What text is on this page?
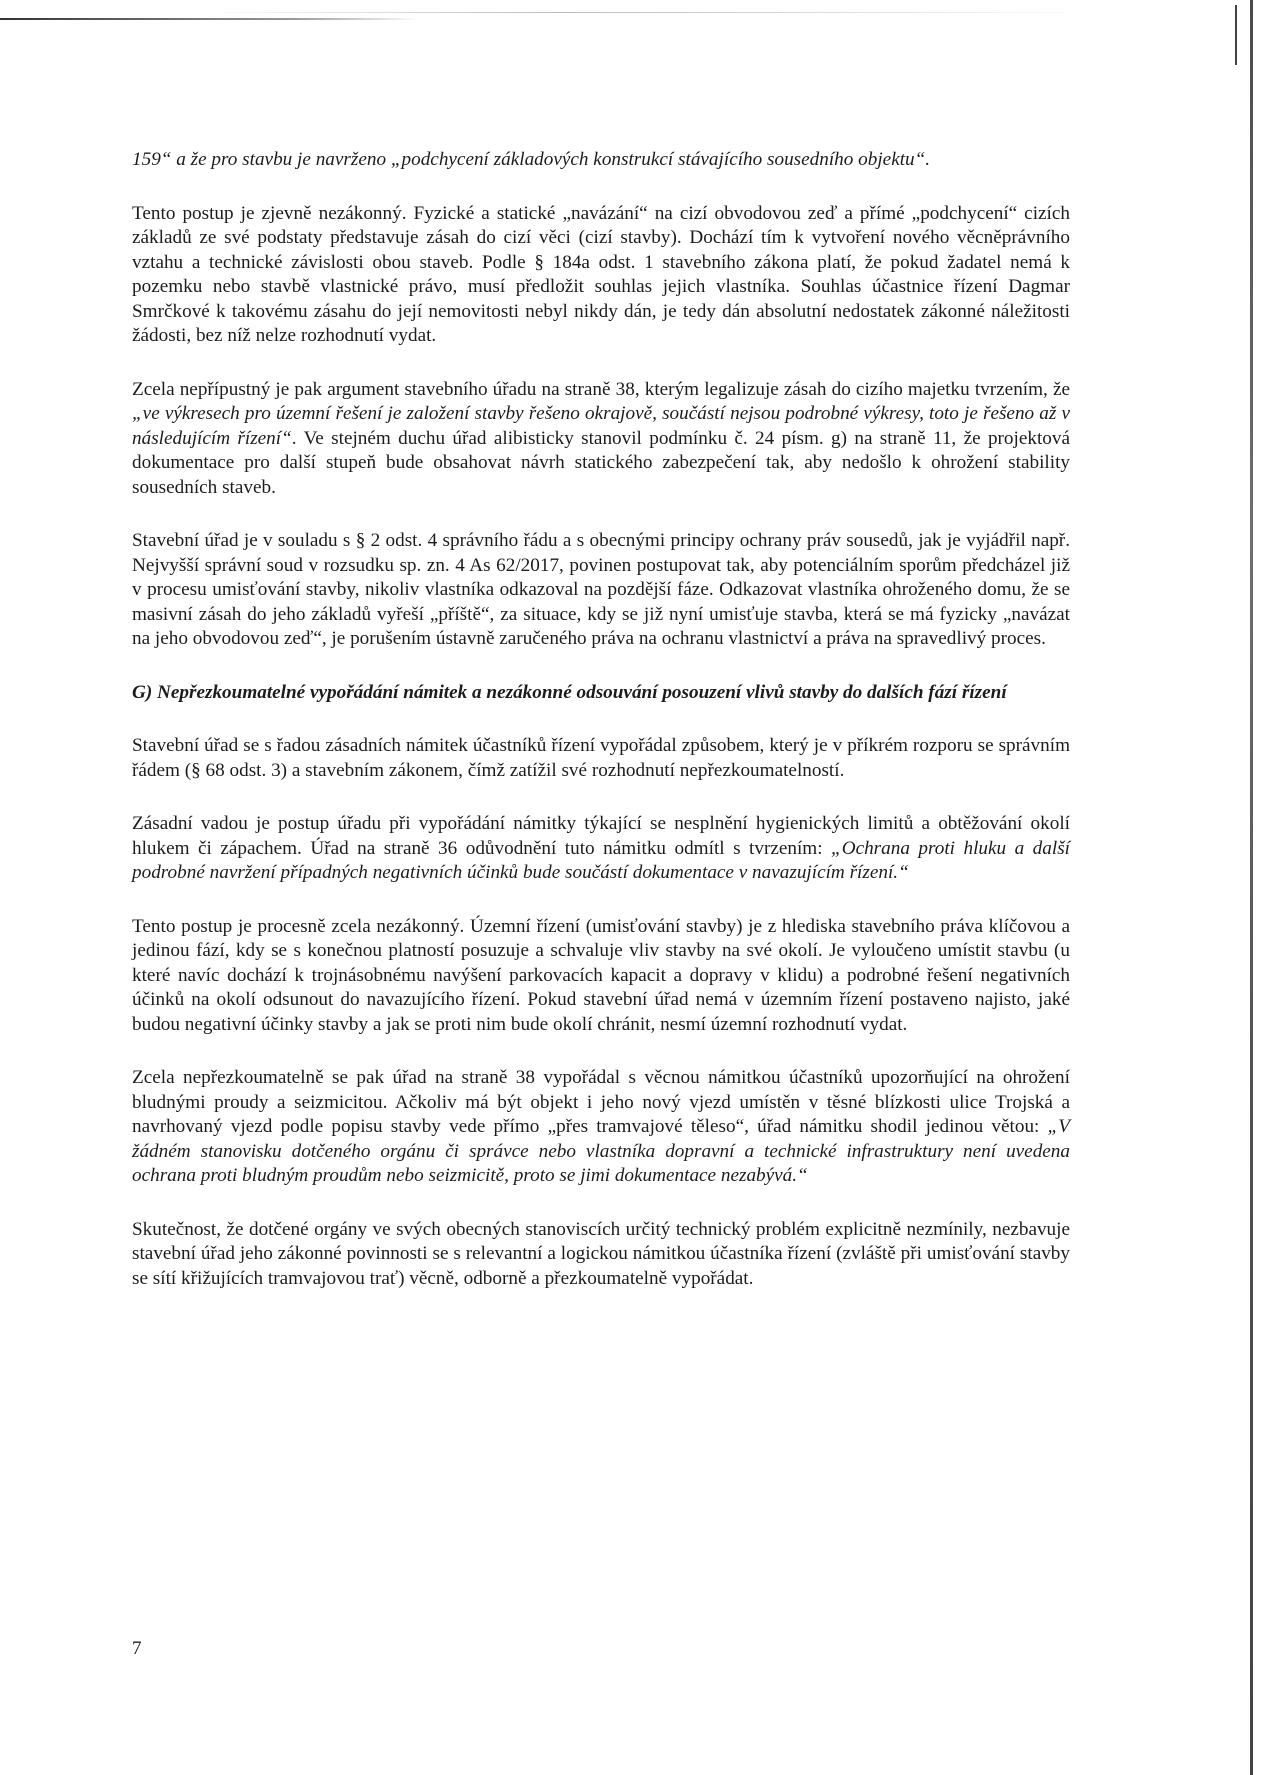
159“ a že pro stavbu je navrženo „podchycení základových konstrukcí stávajícího sousedního objektu“.

Tento postup je zjevně nezákonný. Fyzické a statické „navázání“ na cizí obvodovou zeď a přímé „podchycení“ cizích základů ze své podstaty představuje zásah do cizí věci (cizí stavby). Dochází tím k vytvoření nového věcněprávního vztahu a technické závislosti obou staveb. Podle § 184a odst. 1 stavebního zákona platí, že pokud žadatel nemá k pozemku nebo stavbě vlastnické právo, musí předložit souhlas jejich vlastníka. Souhlas účastnice řízení Dagmar Smrčkové k takovému zásahu do její nemovitosti nebyl nikdy dán, je tedy dán absolutní nedostatek zákonné náležitosti žádosti, bez níž nelze rozhodnutí vydat.

Zcela nepřípustný je pak argument stavebního úřadu na straně 38, kterým legalizuje zásah do cizího majetku tvrzením, že „ve výkresech pro územní řešení je založení stavby řešeno okrajově, součástí nejsou podrobné výkresy, toto je řešeno až v následujícím řízení“. Ve stejném duchu úřad alibisticky stanovil podmínku č. 24 písm. g) na straně 11, že projektová dokumentace pro další stupeň bude obsahovat návrh statického zabezpečení tak, aby nedošlo k ohrožení stability sousedních staveb.

Stavební úřad je v souladu s § 2 odst. 4 správního řádu a s obecnými principy ochrany práv sousedů, jak je vyjádřil např. Nejvyšší správní soud v rozsudku sp. zn. 4 As 62/2017, povinen postupovat tak, aby potenciálním sporům předcházel již v procesu umisťování stavby, nikoliv vlastníka odkazoval na pozdější fáze. Odkazovat vlastníka ohroženého domu, že se masivní zásah do jeho základů vyřeší „příště“, za situace, kdy se již nyní umisťuje stavba, která se má fyzicky „navázat na jeho obvodovou zeď“, je porušením ústavně zaručeného práva na ochranu vlastnictví a práva na spravedlivý proces.

G) Nepřezkoumatelné vypořádání námitek a nezákonné odsouvání posouzení vlivů stavby do dalších fází řízení

Stavební úřad se s řadou zásadních námitek účastníků řízení vypořádal způsobem, který je v příkrém rozporu se správním řádem (§ 68 odst. 3) a stavebním zákonem, čímž zatížil své rozhodnutí nepřezkoumatelností.

Zásadní vadou je postup úřadu při vypořádání námitky týkající se nesplnění hygienických limitů a obtěžování okolí hlukem či zápachem. Úřad na straně 36 odůvodnění tuto námitku odmítl s tvrzením: „Ochrana proti hluku a další podrobné navržení případných negativních účinků bude součástí dokumentace v navazujícím řízení.“

Tento postup je procesně zcela nezákonný. Územní řízení (umisťování stavby) je z hlediska stavebního práva klíčovou a jedinou fází, kdy se s konečnou platností posuzuje a schvaluje vliv stavby na své okolí. Je vyloučeno umístit stavbu (u které navíc dochází k trojnásobnému navýšení parkovacích kapacit a dopravy v klidu) a podrobné řešení negativních účinků na okolí odsunout do navazujícího řízení. Pokud stavební úřad nemá v územním řízení postaveno najisto, jaké budou negativní účinky stavby a jak se proti nim bude okolí chránit, nesmí územní rozhodnutí vydat.

Zcela nepřezkoumatelně se pak úřad na straně 38 vypořádal s věcnou námitkou účastníků upozorňující na ohrožení bludnými proudy a seizmicitou. Ačkoliv má být objekt i jeho nový vjezd umístěn v těsné blízkosti ulice Trojská a navrhovaný vjezd podle popisu stavby vede přímo „přes tramvajové těleso“, úřad námitku shodil jedinou větou: „V žádném stanovisku dotčeného orgánu či správce nebo vlastníka dopravní a technické infrastruktury není uvedena ochrana proti bludným proudům nebo seizmicitě, proto se jimi dokumentace nezabývá.“

Skutečnost, že dotčené orgány ve svých obecných stanoviscích určitý technický problém explicitně nezmínily, nezbavuje stavební úřad jeho zákonné povinnosti se s relevantní a logickou námitkou účastníka řízení (zvláště při umisťování stavby se sítí křižujících tramvajovou trať) věcně, odborně a přezkoumatelně vypořádat.

7
